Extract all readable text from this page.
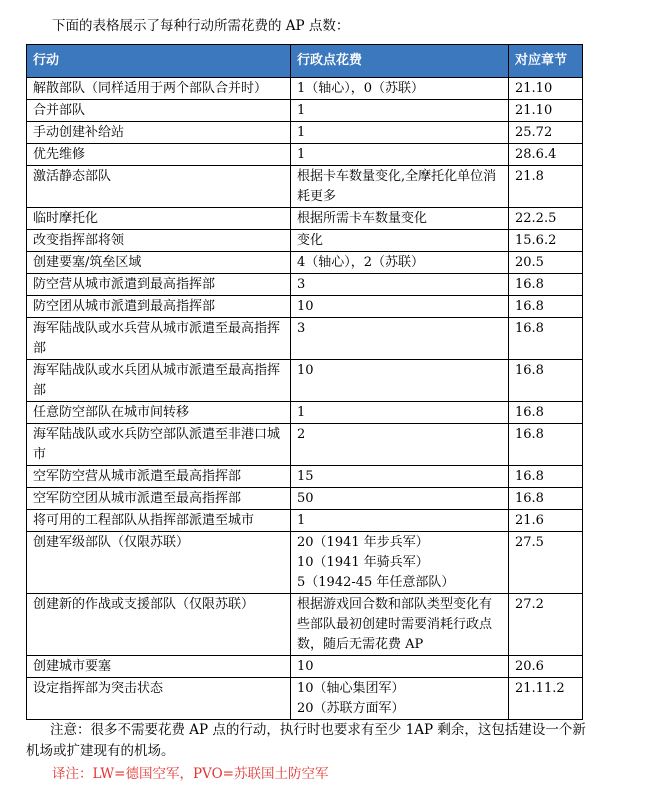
下面的表格展示了每种行动所需花费的 AP 点数：
行动	行政点花费	对应章节
解散部队（同样适用于两个部队合并时）	1（轴心），0（苏联）	21.10
合并部队	1	21.10
手动创建补给站	1	25.72
优先维修	1	28.6.4
激活静态部队	根据卡车数量变化,全摩托化单位消耗更多	21.8
临时摩托化	根据所需卡车数量变化	22.2.5
改变指挥部将领	变化	15.6.2
创建要塞/筑垒区域	4（轴心），2（苏联）	20.5
防空营从城市派遣到最高指挥部	3	16.8
防空团从城市派遣到最高指挥部	10	16.8
海军陆战队或水兵营从城市派遣至最高指挥部	3	16.8
海军陆战队或水兵团从城市派遣至最高指挥部	10	16.8
任意防空部队在城市间转移	1	16.8
海军陆战队或水兵防空部队派遣至非港口城市	2	16.8
空军防空营从城市派遣至最高指挥部	15	16.8
空军防空团从城市派遣至最高指挥部	50	16.8
将可用的工程部队从指挥部派遣至城市	1	21.6
创建军级部队（仅限苏联）	20（1941 年步兵军）
10（1941 年骑兵军）
5（1942-45 年任意部队）	27.5
创建新的作战或支援部队（仅限苏联）	根据游戏回合数和部队类型变化有些部队最初创建时需要消耗行政点数，随后无需花费 AP	27.2
创建城市要塞	10	20.6
设定指挥部为突击状态	10（轴心集团军）
20（苏联方面军）	21.11.2

注意：很多不需要花费 AP 点的行动，执行时也要求有至少 1AP 剩余，这包括建设一个新机场或扩建现有的机场。

译注：LW=德国空军，PVO=苏联国土防空军
